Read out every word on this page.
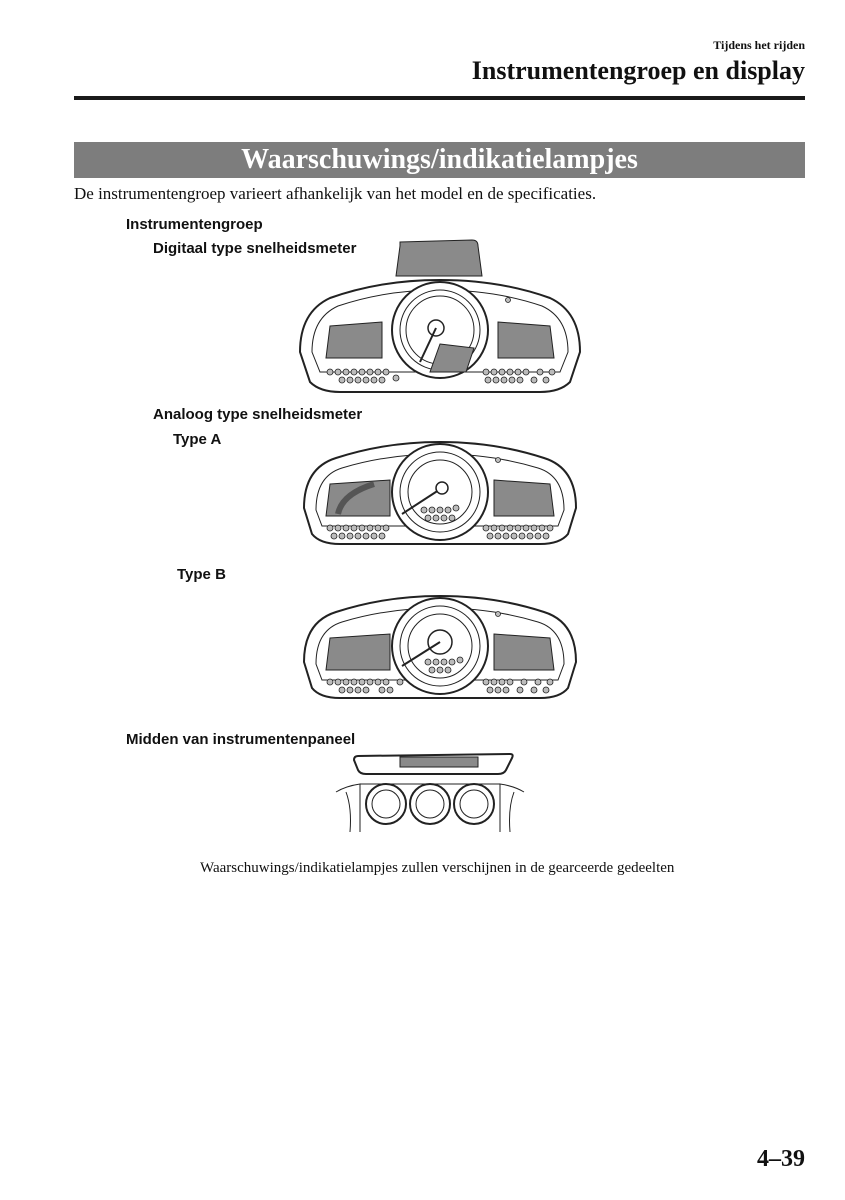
Tijdens het rijden
Instrumentengroep en display
Waarschuwings/indikatielampjes
De instrumentengroep varieert afhankelijk van het model en de specificaties.
Instrumentengroep
Digitaal type snelheidsmeter
Analoog type snelheidsmeter
Type A
Type B
Midden van instrumentenpaneel
Waarschuwings/indikatielampjes zullen verschijnen in de gearceerde gedeelten
4–39
